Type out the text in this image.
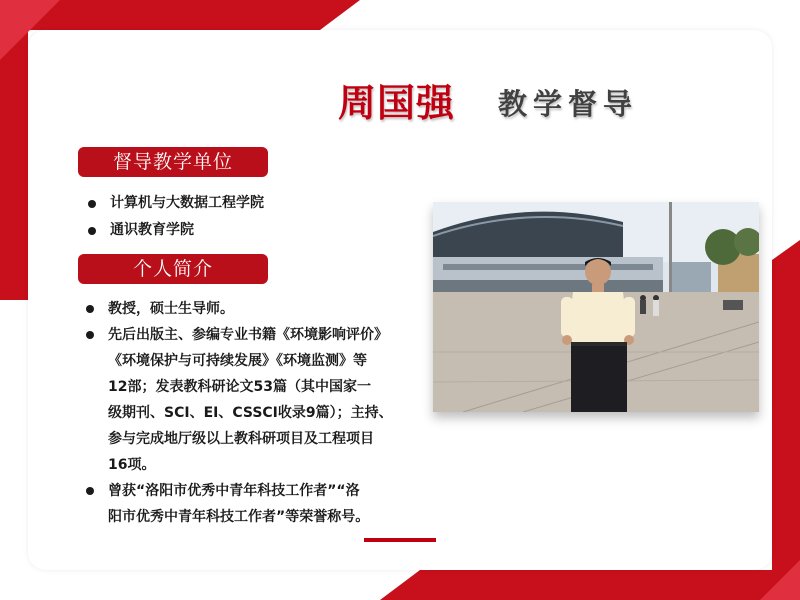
周国强 教学督导
督导教学单位
计算机与大数据工程学院
通识教育学院
个人简介
教授，硕士生导师。
先后出版主、参编专业书籍《环境影响评价》
《环境保护与可持续发展》《环境监测》等
12部；发表教科研论文53篇（其中国家一
级期刊、SCI、EI、CSSCI收录9篇）；主持、
参与完成地厅级以上教科研项目及工程项目
16项。
曾获“洛阳市优秀中青年科技工作者”“洛
阳市优秀中青年科技工作者”等荣誉称号。
